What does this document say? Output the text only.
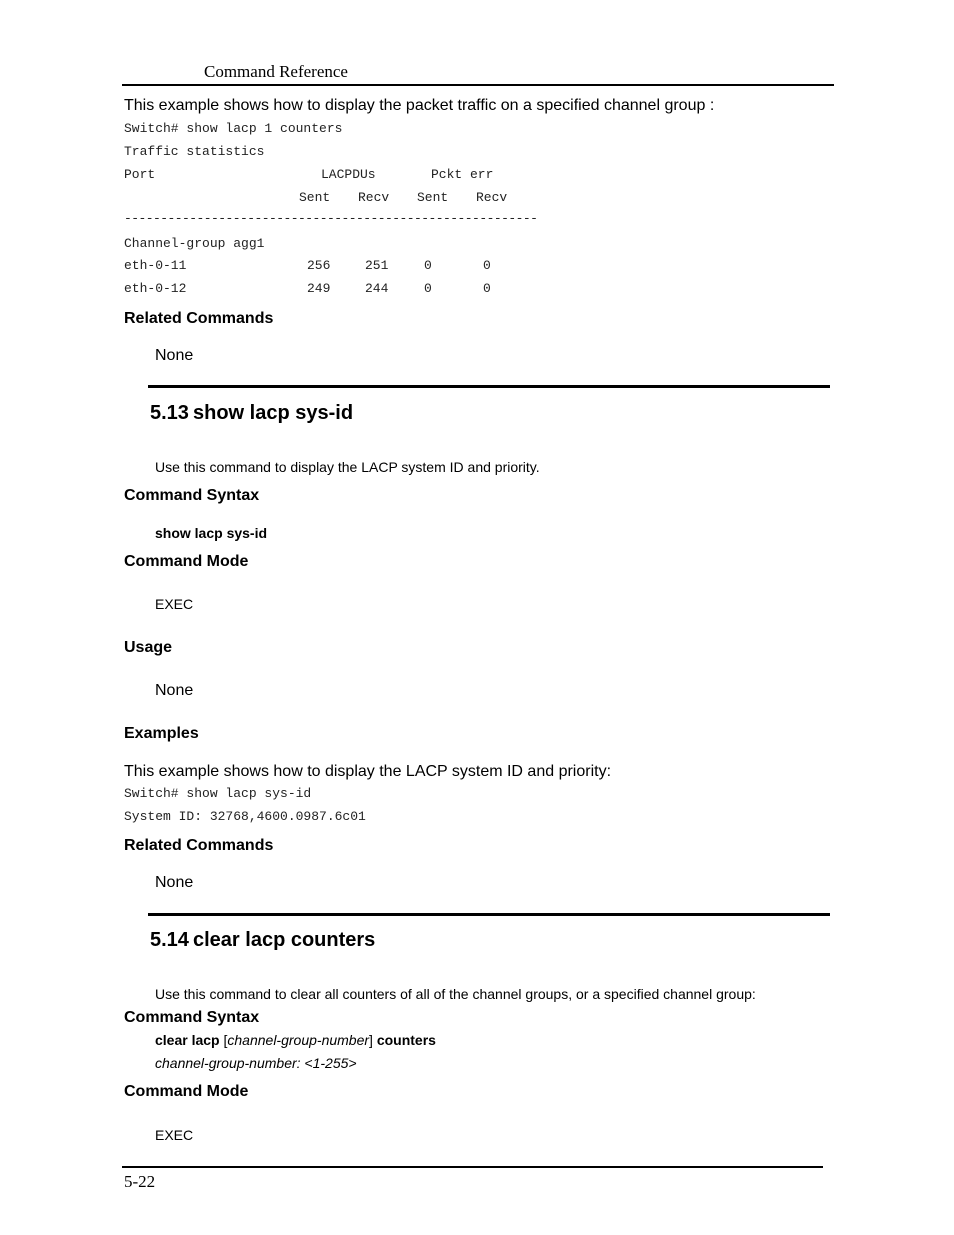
Command Reference
This example shows how to display the packet traffic on a specified channel group :
Switch# show lacp 1 counters
Traffic statistics
Port	LACPDUs	Pckt err
Sent Recv Sent Recv
---------------------------------------------------------
Channel-group agg1
eth-0-11	256	251	0	0
eth-0-12	249	244	0	0
Related Commands
None
5.13 show lacp sys-id
Use this command to display the LACP system ID and priority.
Command Syntax
show lacp sys-id
Command Mode
EXEC
Usage
None
Examples
This example shows how to display the LACP system ID and priority:
Switch# show lacp sys-id
System ID: 32768,4600.0987.6c01
Related Commands
None
5.14 clear lacp counters
Use this command to clear all counters of all of the channel groups, or a specified channel group:
Command Syntax
clear lacp [channel-group-number] counters
channel-group-number: <1-255>
Command Mode
EXEC
5-22
